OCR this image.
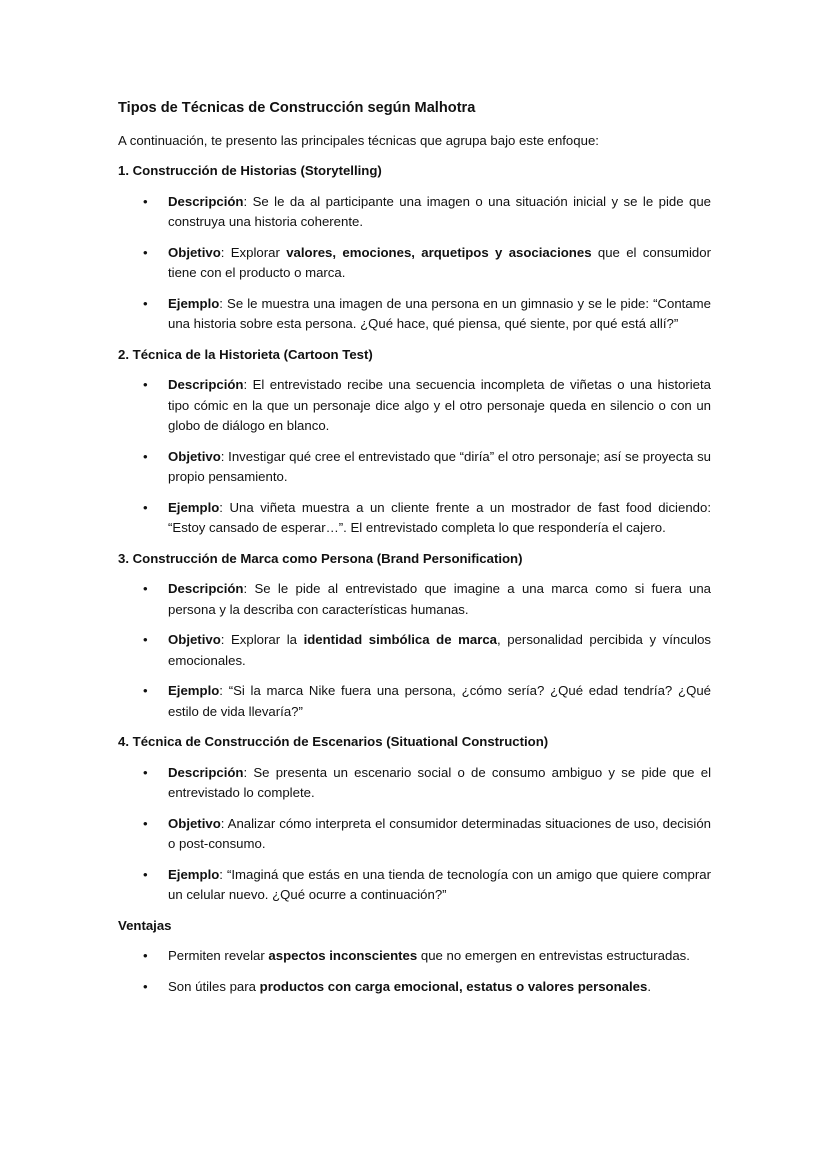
Tipos de Técnicas de Construcción según Malhotra
A continuación, te presento las principales técnicas que agrupa bajo este enfoque:
1. Construcción de Historias (Storytelling)
• Descripción: Se le da al participante una imagen o una situación inicial y se le pide que construya una historia coherente.
• Objetivo: Explorar valores, emociones, arquetipos y asociaciones que el consumidor tiene con el producto o marca.
• Ejemplo: Se le muestra una imagen de una persona en un gimnasio y se le pide: “Contame una historia sobre esta persona. ¿Qué hace, qué piensa, qué siente, por qué está allí?”
2. Técnica de la Historieta (Cartoon Test)
• Descripción: El entrevistado recibe una secuencia incompleta de viñetas o una historieta tipo cómic en la que un personaje dice algo y el otro personaje queda en silencio o con un globo de diálogo en blanco.
• Objetivo: Investigar qué cree el entrevistado que “diría” el otro personaje; así se proyecta su propio pensamiento.
• Ejemplo: Una viñeta muestra a un cliente frente a un mostrador de fast food diciendo: “Estoy cansado de esperar…”. El entrevistado completa lo que respondería el cajero.
3. Construcción de Marca como Persona (Brand Personification)
• Descripción: Se le pide al entrevistado que imagine a una marca como si fuera una persona y la describa con características humanas.
• Objetivo: Explorar la identidad simbólica de marca, personalidad percibida y vínculos emocionales.
• Ejemplo: “Si la marca Nike fuera una persona, ¿cómo sería? ¿Qué edad tendría? ¿Qué estilo de vida llevaría?”
4. Técnica de Construcción de Escenarios (Situational Construction)
• Descripción: Se presenta un escenario social o de consumo ambiguo y se pide que el entrevistado lo complete.
• Objetivo: Analizar cómo interpreta el consumidor determinadas situaciones de uso, decisión o post-consumo.
• Ejemplo: “Imaginá que estás en una tienda de tecnología con un amigo que quiere comprar un celular nuevo. ¿Qué ocurre a continuación?”
Ventajas
• Permiten revelar aspectos inconscientes que no emergen en entrevistas estructuradas.
• Son útiles para productos con carga emocional, estatus o valores personales.
